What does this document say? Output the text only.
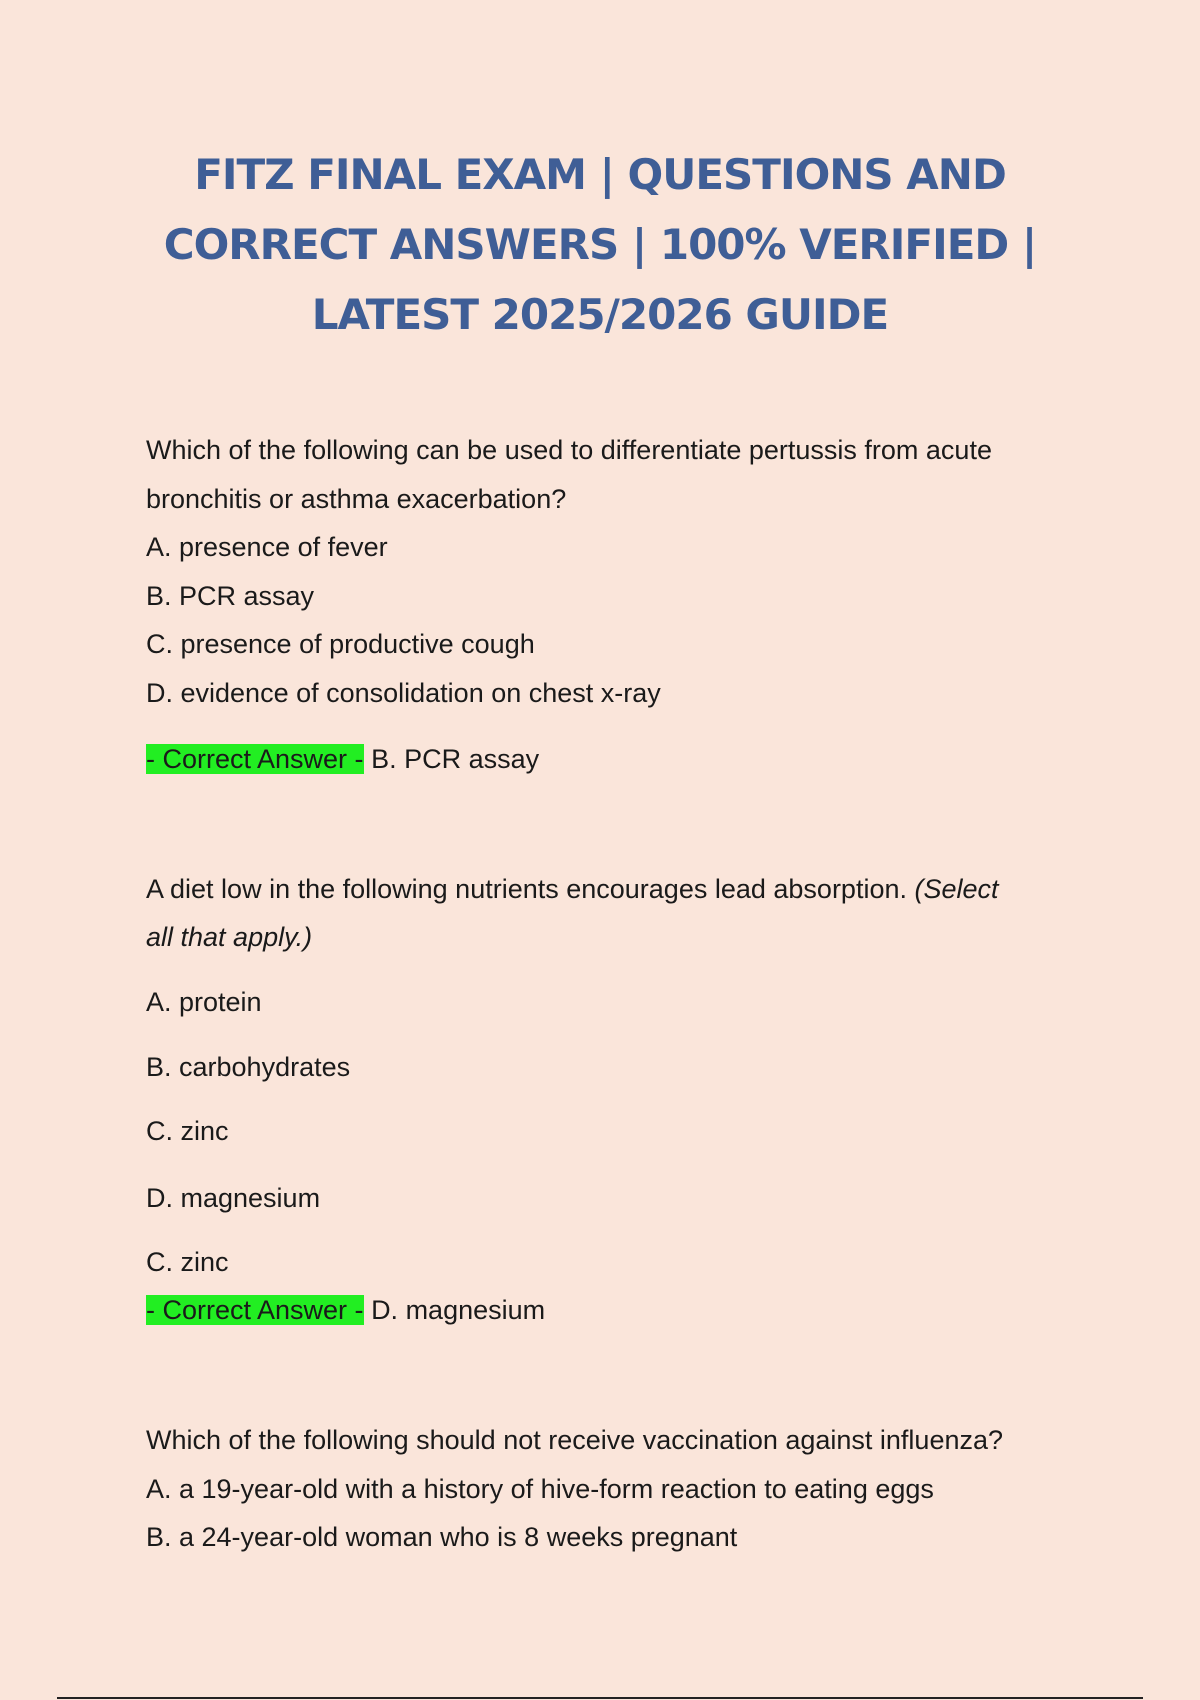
FITZ FINAL EXAM | QUESTIONS AND
CORRECT ANSWERS | 100% VERIFIED |
LATEST 2025/2026 GUIDE
Which of the following can be used to differentiate pertussis from acute
bronchitis or asthma exacerbation?
A. presence of fever
B. PCR assay
C. presence of productive cough
D. evidence of consolidation on chest x-ray
- Correct Answer - B. PCR assay
A diet low in the following nutrients encourages lead absorption. (Select
all that apply.)
A. protein
B. carbohydrates
C. zinc
D. magnesium
C. zinc
- Correct Answer - D. magnesium
Which of the following should not receive vaccination against influenza?
A. a 19-year-old with a history of hive-form reaction to eating eggs
B. a 24-year-old woman who is 8 weeks pregnant
